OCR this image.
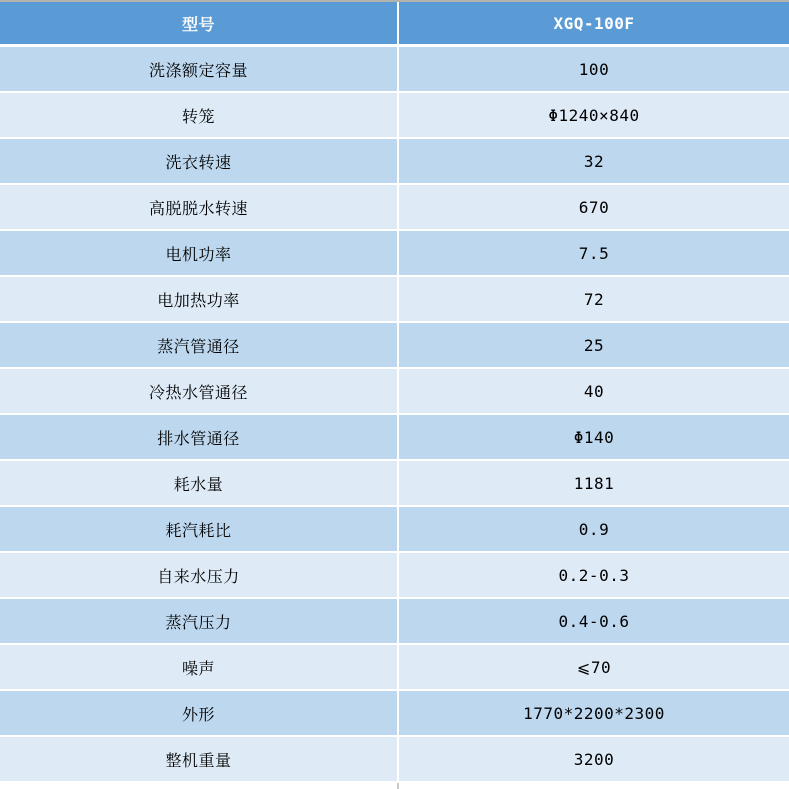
型号	XGQ-100F
洗涤额定容量	100
转笼	Φ1240×840
洗衣转速	32
高脱脱水转速	670
电机功率	7.5
电加热功率	72
蒸汽管通径	25
冷热水管通径	40
排水管通径	Φ140
耗水量	1181
耗汽耗比	0.9
自来水压力	0.2-0.3
蒸汽压力	0.4-0.6
噪声	⩽70
外形	1770*2200*2300
整机重量	3200
